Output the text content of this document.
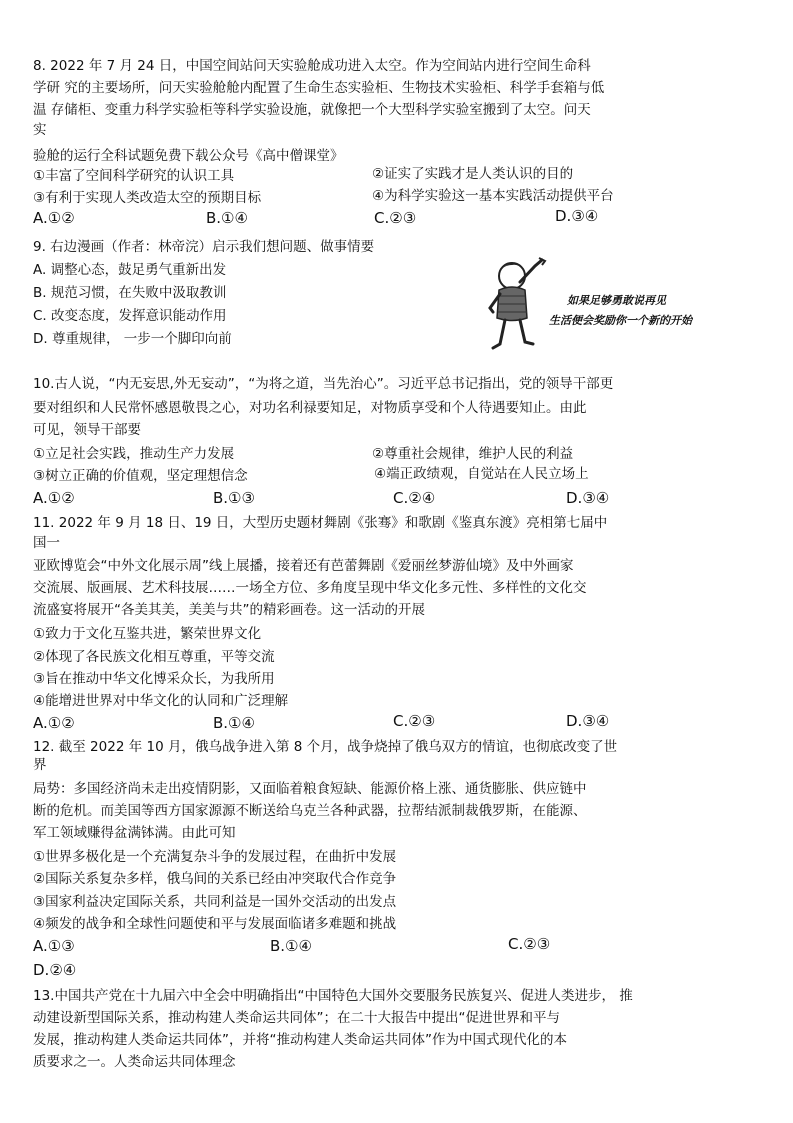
8. 2022 年 7 月 24 日，中国空间站问天实验舱成功进入太空。作为空间站内进行空间生命科
学研 究的主要场所，问天实验舱舱内配置了生命生态实验柜、生物技术实验柜、科学手套箱与低
温 存储柜、变重力科学实验柜等科学实验设施，就像把一个大型科学实验室搬到了太空。问天
实
验舱的运行全科试题免费下载公众号《高中僧课堂》
①丰富了空间科学研究的认识工具	②证实了实践才是人类认识的目的
③有利于实现人类改造太空的预期目标	④为科学实验这一基本实践活动提供平台
A.①②	B.①④	C.②③	D.③④
9. 右边漫画（作者：林帝浣）启示我们想问题、做事情要
A. 调整心态，鼓足勇气重新出发
B. 规范习惯，在失败中汲取教训
C. 改变态度，发挥意识能动作用
D. 尊重规律， 一步一个脚印向前
如果足够勇敢说再见
生活便会奖励你一个新的开始
10.古人说，“内无妄思,外无妄动”，“为将之道，当先治心”。习近平总书记指出，党的领导干部更
要对组织和人民常怀感恩敬畏之心，对功名利禄要知足，对物质享受和个人待遇要知止。由此
可见，领导干部要
①立足社会实践，推动生产力发展	②尊重社会规律，维护人民的利益
③树立正确的价值观，坚定理想信念	④端正政绩观，自觉站在人民立场上
A.①②	B.①③	C.②④	D.③④
11. 2022 年 9 月 18 日、19 日，大型历史题材舞剧《张骞》和歌剧《鉴真东渡》亮相第七届中
国一
亚欧博览会“中外文化展示周”线上展播，接着还有芭蕾舞剧《爱丽丝梦游仙境》及中外画家
交流展、版画展、艺术科技展……一场全方位、多角度呈现中华文化多元性、多样性的文化交
流盛宴将展开“各美其美，美美与共”的精彩画卷。这一活动的开展
①致力于文化互鉴共进，繁荣世界文化
②体现了各民族文化相互尊重，平等交流
③旨在推动中华文化博采众长，为我所用
④能增进世界对中华文化的认同和广泛理解
A.①②	B.①④	C.②③	D.③④
12. 截至 2022 年 10 月，俄乌战争进入第 8 个月，战争烧掉了俄乌双方的情谊，也彻底改变了世
界
局势：多国经济尚未走出疫情阴影，又面临着粮食短缺、能源价格上涨、通货膨胀、供应链中
断的危机。而美国等西方国家源源不断送给乌克兰各种武器，拉帮结派制裁俄罗斯，在能源、
军工领域赚得盆满钵满。由此可知
①世界多极化是一个充满复杂斗争的发展过程，在曲折中发展
②国际关系复杂多样，俄乌间的关系已经由冲突取代合作竞争
③国家利益决定国际关系，共同利益是一国外交活动的出发点
④频发的战争和全球性问题使和平与发展面临诸多难题和挑战
A.①③	B.①④	C.②③
D.②④
13.中国共产党在十九届六中全会中明确指出“中国特色大国外交要服务民族复兴、促进人类进步， 推
动建设新型国际关系，推动构建人类命运共同体”；在二十大报告中提出“促进世界和平与
发展，推动构建人类命运共同体”，并将“推动构建人类命运共同体”作为中国式现代化的本
质要求之一。人类命运共同体理念
